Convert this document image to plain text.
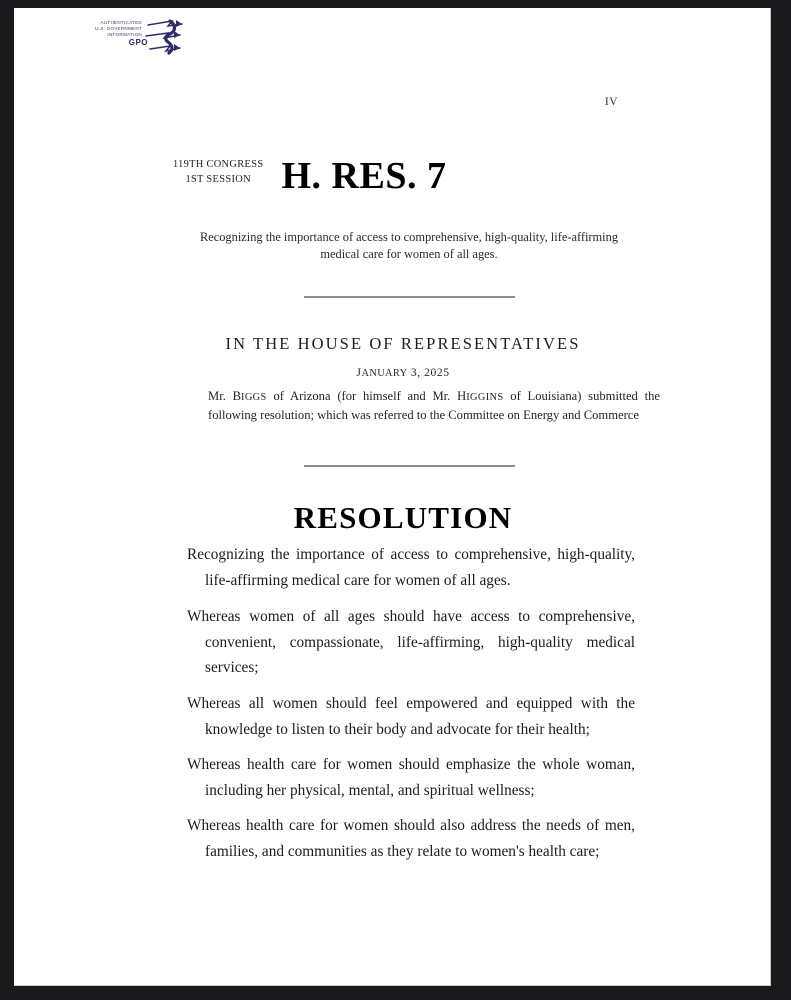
AUTHENTICATED
U.S. GOVERNMENT
INFORMATION
GPO
IV
119TH CONGRESS
1ST SESSION H. RES. 7
Recognizing the importance of access to comprehensive, high-quality, life-affirming medical care for women of all ages.
IN THE HOUSE OF REPRESENTATIVES
JANUARY 3, 2025
Mr. BIGGS of Arizona (for himself and Mr. HIGGINS of Louisiana) submitted the following resolution; which was referred to the Committee on Energy and Commerce
RESOLUTION
Recognizing the importance of access to comprehensive, high-quality, life-affirming medical care for women of all ages.
Whereas women of all ages should have access to comprehensive, convenient, compassionate, life-affirming, high-quality medical services;
Whereas all women should feel empowered and equipped with the knowledge to listen to their body and advocate for their health;
Whereas health care for women should emphasize the whole woman, including her physical, mental, and spiritual wellness;
Whereas health care for women should also address the needs of men, families, and communities as they relate to women's health care;
